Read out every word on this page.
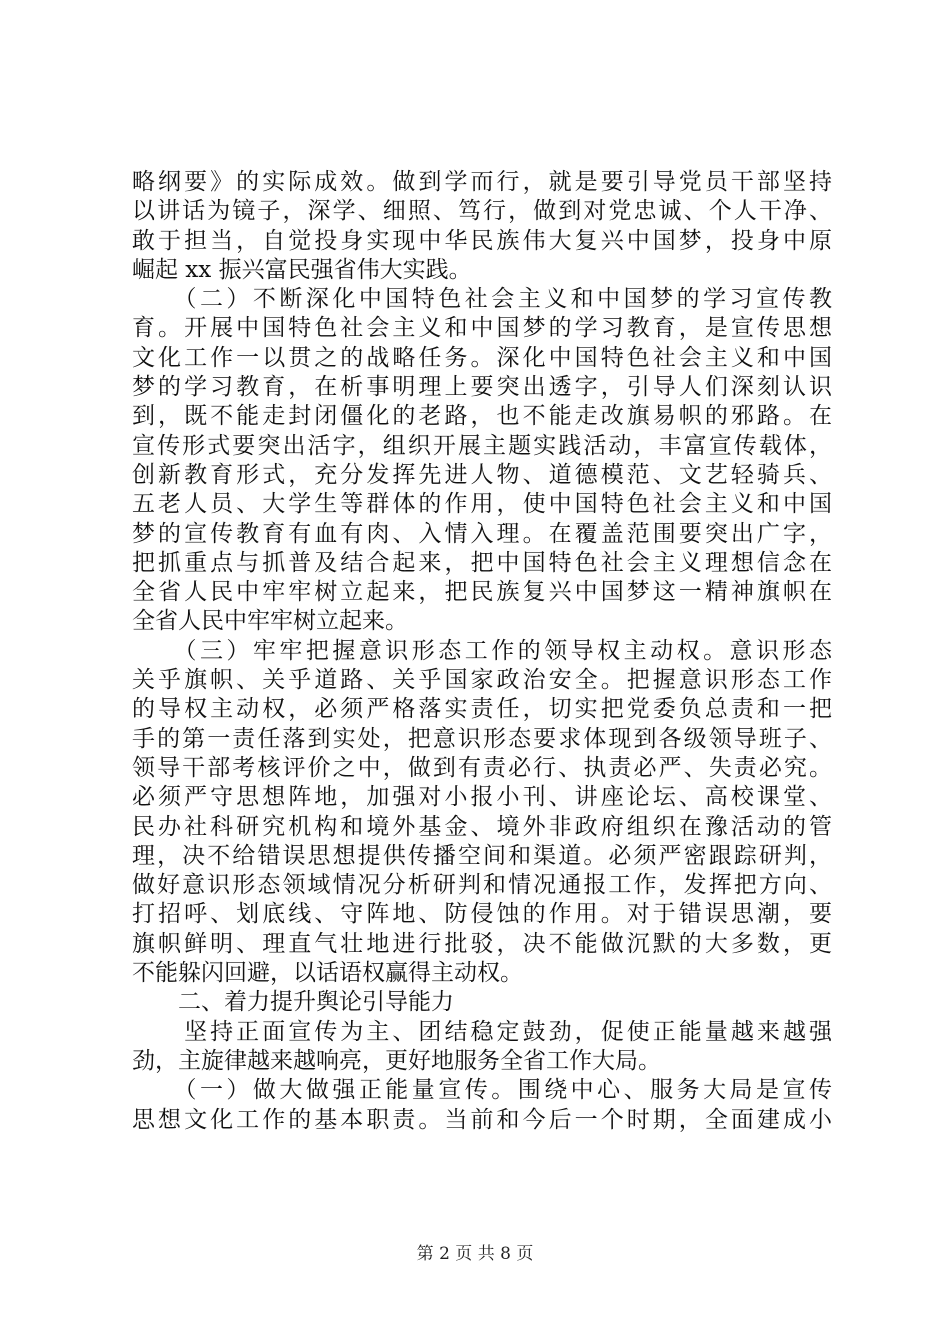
略纲要》的实际成效。做到学而行，就是要引导党员干部坚持
以讲话为镜子，深学、细照、笃行，做到对党忠诚、个人干净、
敢于担当，自觉投身实现中华民族伟大复兴中国梦，投身中原
崛起 xx 振兴富民强省伟大实践。
　　（二）不断深化中国特色社会主义和中国梦的学习宣传教
育。开展中国特色社会主义和中国梦的学习教育，是宣传思想
文化工作一以贯之的战略任务。深化中国特色社会主义和中国
梦的学习教育，在析事明理上要突出透字，引导人们深刻认识
到，既不能走封闭僵化的老路，也不能走改旗易帜的邪路。在
宣传形式要突出活字，组织开展主题实践活动，丰富宣传载体，
创新教育形式，充分发挥先进人物、道德模范、文艺轻骑兵、
五老人员、大学生等群体的作用，使中国特色社会主义和中国
梦的宣传教育有血有肉、入情入理。在覆盖范围要突出广字，
把抓重点与抓普及结合起来，把中国特色社会主义理想信念在
全省人民中牢牢树立起来，把民族复兴中国梦这一精神旗帜在
全省人民中牢牢树立起来。
　　（三）牢牢把握意识形态工作的领导权主动权。意识形态
关乎旗帜、关乎道路、关乎国家政治安全。把握意识形态工作
的导权主动权，必须严格落实责任，切实把党委负总责和一把
手的第一责任落到实处，把意识形态要求体现到各级领导班子、
领导干部考核评价之中，做到有责必行、执责必严、失责必究。
必须严守思想阵地，加强对小报小刊、讲座论坛、高校课堂、
民办社科研究机构和境外基金、境外非政府组织在豫活动的管
理，决不给错误思想提供传播空间和渠道。必须严密跟踪研判，
做好意识形态领域情况分析研判和情况通报工作，发挥把方向、
打招呼、划底线、守阵地、防侵蚀的作用。对于错误思潮，要
旗帜鲜明、理直气壮地进行批驳，决不能做沉默的大多数，更
不能躲闪回避，以话语权赢得主动权。
　　二、着力提升舆论引导能力
　　坚持正面宣传为主、团结稳定鼓劲，促使正能量越来越强
劲，主旋律越来越响亮，更好地服务全省工作大局。
　　（一）做大做强正能量宣传。围绕中心、服务大局是宣传
思想文化工作的基本职责。当前和今后一个时期，全面建成小
第 2 页 共 8 页
